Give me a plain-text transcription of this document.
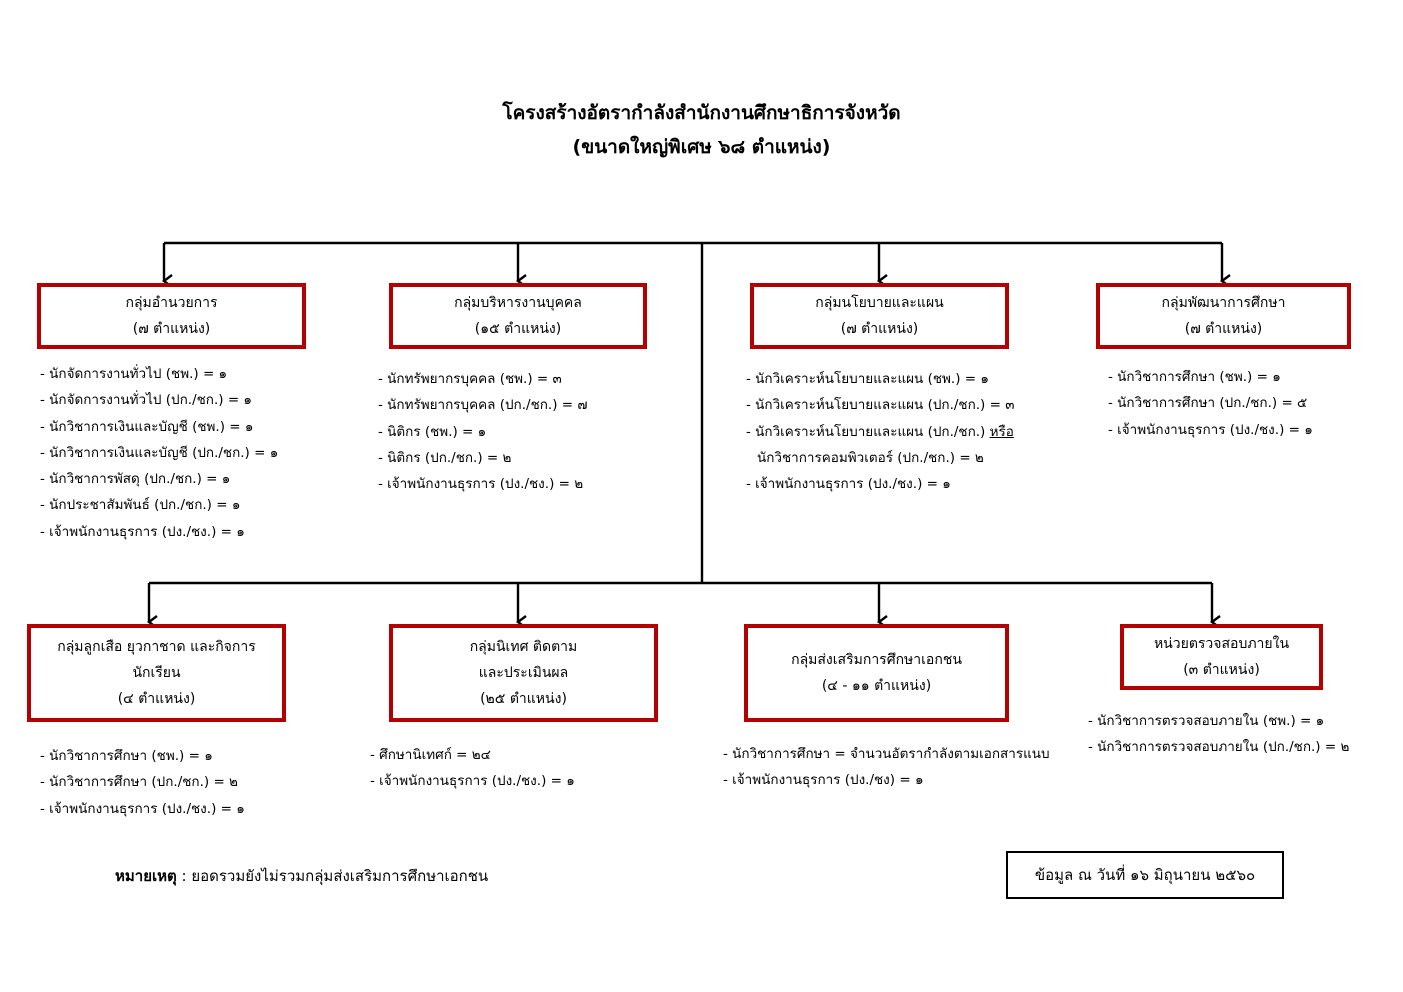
โครงสร้างอัตรากำลังสำนักงานศึกษาธิการจังหวัด
(ขนาดใหญ่พิเศษ ๖๘ ตำแหน่ง)
กลุ่มอำนวยการ
(๗ ตำแหน่ง)
กลุ่มบริหารงานบุคคล
(๑๕ ตำแหน่ง)
กลุ่มนโยบายและแผน
(๗ ตำแหน่ง)
กลุ่มพัฒนาการศึกษา
(๗ ตำแหน่ง)
- นักจัดการงานทั่วไป (ชพ.) = ๑
- นักจัดการงานทั่วไป (ปก./ชก.) = ๑
- นักวิชาการเงินและบัญชี (ชพ.) = ๑
- นักวิชาการเงินและบัญชี (ปก./ชก.) = ๑
- นักวิชาการพัสดุ (ปก./ชก.) = ๑
- นักประชาสัมพันธ์ (ปก./ชก.) = ๑
- เจ้าพนักงานธุรการ (ปง./ชง.) = ๑
- นักทรัพยากรบุคคล (ชพ.) = ๓
- นักทรัพยากรบุคคล (ปก./ชก.) = ๗
- นิติกร (ชพ.) = ๑
- นิติกร (ปก./ชก.) = ๒
- เจ้าพนักงานธุรการ (ปง./ชง.) = ๒
- นักวิเคราะห์นโยบายและแผน (ชพ.) = ๑
- นักวิเคราะห์นโยบายและแผน (ปก./ชก.) = ๓
- นักวิเคราะห์นโยบายและแผน (ปก./ชก.) หรือ
นักวิชาการคอมพิวเตอร์ (ปก./ชก.) = ๒
- เจ้าพนักงานธุรการ (ปง./ชง.) = ๑
- นักวิชาการศึกษา (ชพ.) = ๑
- นักวิชาการศึกษา (ปก./ชก.) = ๕
- เจ้าพนักงานธุรการ (ปง./ชง.) = ๑
กลุ่มลูกเสือ ยุวกาชาด และกิจการ
นักเรียน
(๔ ตำแหน่ง)
กลุ่มนิเทศ ติดตาม
และประเมินผล
(๒๕ ตำแหน่ง)
กลุ่มส่งเสริมการศึกษาเอกชน
(๔ - ๑๑ ตำแหน่ง)
หน่วยตรวจสอบภายใน
(๓ ตำแหน่ง)
- นักวิชาการศึกษา (ชพ.) = ๑
- นักวิชาการศึกษา (ปก./ชก.) = ๒
- เจ้าพนักงานธุรการ (ปง./ชง.) = ๑
- ศึกษานิเทศก์ = ๒๔
- เจ้าพนักงานธุรการ (ปง./ชง.) = ๑
- นักวิชาการศึกษา = จำนวนอัตรากำลังตามเอกสารแนบ
- เจ้าพนักงานธุรการ (ปง./ชง) = ๑
- นักวิชาการตรวจสอบภายใน (ชพ.) = ๑
- นักวิชาการตรวจสอบภายใน (ปก./ชก.) = ๒
หมายเหตุ : ยอดรวมยังไม่รวมกลุ่มส่งเสริมการศึกษาเอกชน	ข้อมูล ณ วันที่ ๑๖ มิถุนายน ๒๕๖๐
